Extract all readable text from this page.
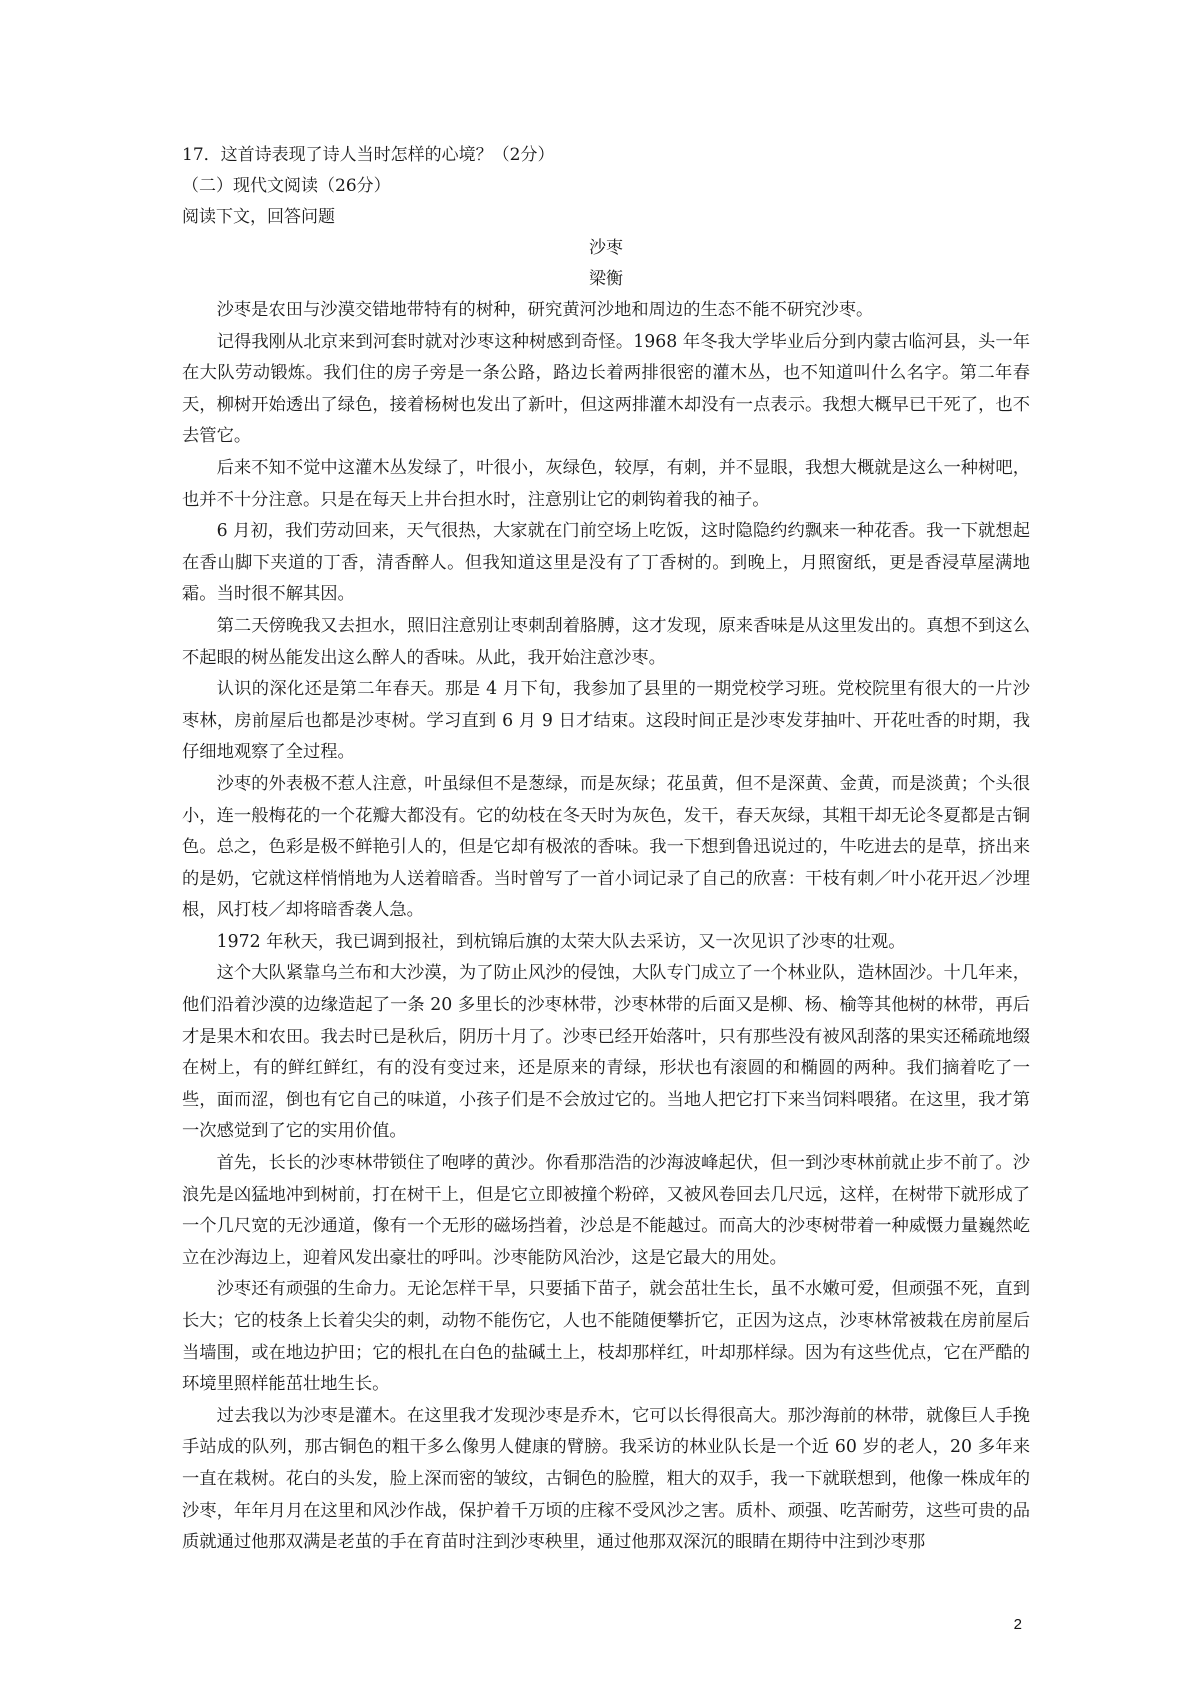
17．这首诗表现了诗人当时怎样的心境？（2分）
（二）现代文阅读（26分）
阅读下文，回答问题
沙枣
梁衡

沙枣是农田与沙漠交错地带特有的树种，研究黄河沙地和周边的生态不能不研究沙枣。

记得我刚从北京来到河套时就对沙枣这种树感到奇怪。1968 年冬我大学毕业后分到内蒙古临河县，头一年在大队劳动锻炼。我们住的房子旁是一条公路，路边长着两排很密的灌木丛，也不知道叫什么名字。第二年春天，柳树开始透出了绿色，接着杨树也发出了新叶，但这两排灌木却没有一点表示。我想大概早已干死了，也不去管它。

后来不知不觉中这灌木丛发绿了，叶很小，灰绿色，较厚，有刺，并不显眼，我想大概就是这么一种树吧，也并不十分注意。只是在每天上井台担水时，注意别让它的刺钩着我的袖子。

6 月初，我们劳动回来，天气很热，大家就在门前空场上吃饭，这时隐隐约约飘来一种花香。我一下就想起在香山脚下夹道的丁香，清香醉人。但我知道这里是没有了丁香树的。到晚上，月照窗纸，更是香浸草屋满地霜。当时很不解其因。

第二天傍晚我又去担水，照旧注意别让枣刺刮着胳膊，这才发现，原来香味是从这里发出的。真想不到这么不起眼的树丛能发出这么醉人的香味。从此，我开始注意沙枣。

认识的深化还是第二年春天。那是 4 月下旬，我参加了县里的一期党校学习班。党校院里有很大的一片沙枣林，房前屋后也都是沙枣树。学习直到 6 月 9 日才结束。这段时间正是沙枣发芽抽叶、开花吐香的时期，我仔细地观察了全过程。

沙枣的外表极不惹人注意，叶虽绿但不是葱绿，而是灰绿；花虽黄，但不是深黄、金黄，而是淡黄；个头很小，连一般梅花的一个花瓣大都没有。它的幼枝在冬天时为灰色，发干，春天灰绿，其粗干却无论冬夏都是古铜色。总之，色彩是极不鲜艳引人的，但是它却有极浓的香味。我一下想到鲁迅说过的，牛吃进去的是草，挤出来的是奶，它就这样悄悄地为人送着暗香。当时曾写了一首小词记录了自己的欣喜：干枝有刺／叶小花开迟／沙埋根，风打枝／却将暗香袭人急。

1972 年秋天，我已调到报社，到杭锦后旗的太荣大队去采访，又一次见识了沙枣的壮观。

这个大队紧靠乌兰布和大沙漠，为了防止风沙的侵蚀，大队专门成立了一个林业队，造林固沙。十几年来，他们沿着沙漠的边缘造起了一条 20 多里长的沙枣林带，沙枣林带的后面又是柳、杨、榆等其他树的林带，再后才是果木和农田。我去时已是秋后，阴历十月了。沙枣已经开始落叶，只有那些没有被风刮落的果实还稀疏地缀在树上，有的鲜红鲜红，有的没有变过来，还是原来的青绿，形状也有滚圆的和椭圆的两种。我们摘着吃了一些，面而涩，倒也有它自己的味道，小孩子们是不会放过它的。当地人把它打下来当饲料喂猪。在这里，我才第一次感觉到了它的实用价值。

首先，长长的沙枣林带锁住了咆哮的黄沙。你看那浩浩的沙海波峰起伏，但一到沙枣林前就止步不前了。沙浪先是凶猛地冲到树前，打在树干上，但是它立即被撞个粉碎，又被风卷回去几尺远，这样，在树带下就形成了一个几尺宽的无沙通道，像有一个无形的磁场挡着，沙总是不能越过。而高大的沙枣树带着一种威慑力量巍然屹立在沙海边上，迎着风发出豪壮的呼叫。沙枣能防风治沙，这是它最大的用处。

沙枣还有顽强的生命力。无论怎样干旱，只要插下苗子，就会茁壮生长，虽不水嫩可爱，但顽强不死，直到长大；它的枝条上长着尖尖的刺，动物不能伤它，人也不能随便攀折它，正因为这点，沙枣林常被栽在房前屋后当墙围，或在地边护田；它的根扎在白色的盐碱土上，枝却那样红，叶却那样绿。因为有这些优点，它在严酷的环境里照样能茁壮地生长。

过去我以为沙枣是灌木。在这里我才发现沙枣是乔木，它可以长得很高大。那沙海前的林带，就像巨人手挽手站成的队列，那古铜色的粗干多么像男人健康的臂膀。我采访的林业队长是一个近 60 岁的老人，20 多年来一直在栽树。花白的头发，脸上深而密的皱纹，古铜色的脸膛，粗大的双手，我一下就联想到，他像一株成年的沙枣，年年月月在这里和风沙作战，保护着千万顷的庄稼不受风沙之害。质朴、顽强、吃苦耐劳，这些可贵的品质就通过他那双满是老茧的手在育苗时注到沙枣秧里，通过他那双深沉的眼睛在期待中注到沙枣那

2
